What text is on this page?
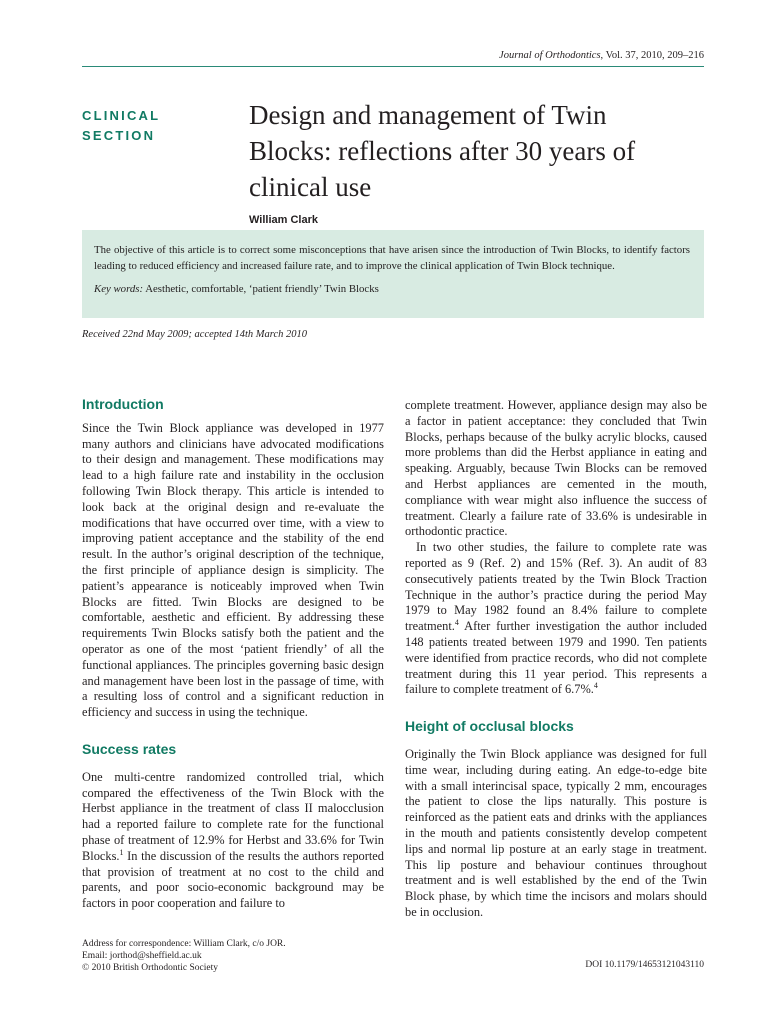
Journal of Orthodontics, Vol. 37, 2010, 209–216
CLINICAL
SECTION
Design and management of Twin Blocks: reflections after 30 years of clinical use
William Clark

The objective of this article is to correct some misconceptions that have arisen since the introduction of Twin Blocks, to identify factors leading to reduced efficiency and increased failure rate, and to improve the clinical application of Twin Block technique.

Key words: Aesthetic, comfortable, ‘patient friendly’ Twin Blocks

Received 22nd May 2009; accepted 14th March 2010
Introduction

Since the Twin Block appliance was developed in 1977 many authors and clinicians have advocated modifications to their design and management. These modifications may lead to a high failure rate and instability in the occlusion following Twin Block therapy. This article is intended to look back at the original design and re-evaluate the modifications that have occurred over time, with a view to improving patient acceptance and the stability of the end result. In the author’s original description of the technique, the first principle of appliance design is simplicity. The patient’s appearance is noticeably improved when Twin Blocks are fitted. Twin Blocks are designed to be comfortable, aesthetic and efficient. By addressing these requirements Twin Blocks satisfy both the patient and the operator as one of the most ‘patient friendly’ of all the functional appliances. The principles governing basic design and management have been lost in the passage of time, with a resulting loss of control and a significant reduction in efficiency and success in using the technique.

Success rates

One multi-centre randomized controlled trial, which compared the effectiveness of the Twin Block with the Herbst appliance in the treatment of class II malocclusion had a reported failure to complete rate for the functional phase of treatment of 12.9% for Herbst and 33.6% for Twin Blocks.$^1$ In the discussion of the results the authors reported that provision of treatment at no cost to the child and parents, and poor socio-economic background may be factors in poor cooperation and failure to

complete treatment. However, appliance design may also be a factor in patient acceptance: they concluded that Twin Blocks, perhaps because of the bulky acrylic blocks, caused more problems than did the Herbst appliance in eating and speaking. Arguably, because Twin Blocks can be removed and Herbst appliances are cemented in the mouth, compliance with wear might also influence the success of treatment. Clearly a failure rate of 33.6% is undesirable in orthodontic practice.

In two other studies, the failure to complete rate was reported as 9 (Ref. 2) and 15% (Ref. 3). An audit of 83 consecutively patients treated by the Twin Block Traction Technique in the author’s practice during the period May 1979 to May 1982 found an 8.4% failure to complete treatment.$^4$ After further investigation the author included 148 patients treated between 1979 and 1990. Ten patients were identified from practice records, who did not complete treatment during this 11 year period. This represents a failure to complete treatment of 6.7%.$^4$

Height of occlusal blocks

Originally the Twin Block appliance was designed for full time wear, including during eating. An edge-to-edge bite with a small interincisal space, typically 2 mm, encourages the patient to close the lips naturally. This posture is reinforced as the patient eats and drinks with the appliances in the mouth and patients consistently develop competent lips and normal lip posture at an early stage in treatment. This lip posture and behaviour continues throughout treatment and is well established by the end of the Twin Block phase, by which time the incisors and molars should be in occlusion.

Address for correspondence: William Clark, c/o JOR.
Email: jorthod@sheffield.ac.uk
© 2010 British Orthodontic Society	DOI 10.1179/14653121043110
